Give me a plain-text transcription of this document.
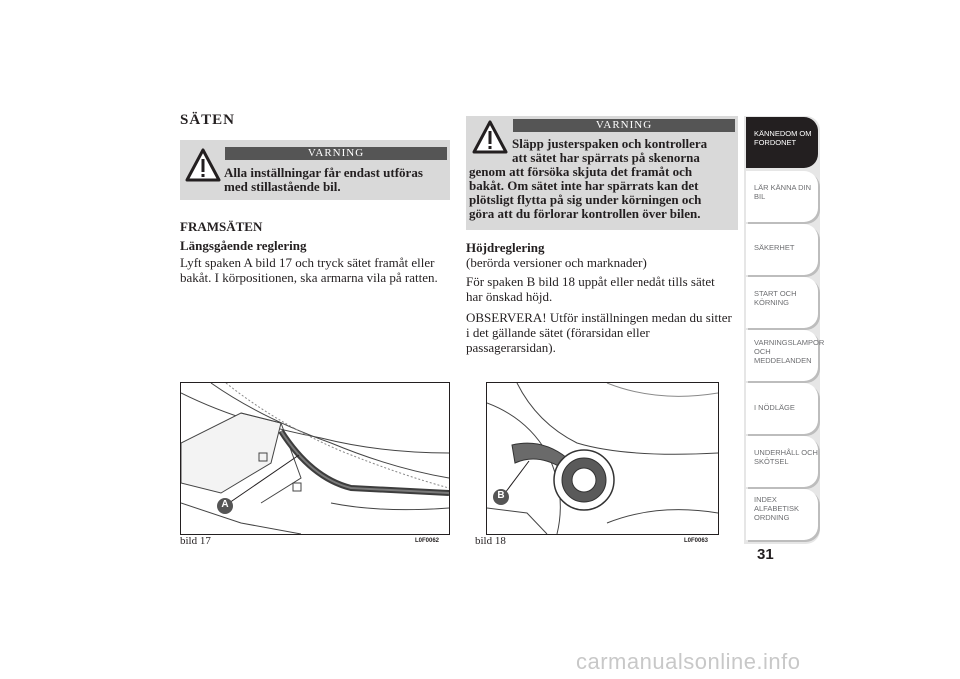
SÄTEN
VARNING
Alla inställningar får endast utföras
med stillastående bil.
FRAMSÄTEN
Längsgående reglering
Lyft spaken A bild 17 och tryck sätet framåt eller
bakåt. I körpositionen, ska armarna vila på ratten.
VARNING
Släpp justerspaken och kontrollera
att sätet har spärrats på skenorna
genom att försöka skjuta det framåt och
bakåt. Om sätet inte har spärrats kan det
plötsligt flytta på sig under körningen och
göra att du förlorar kontrollen över bilen.
Höjdreglering
(berörda versioner och marknader)
För spaken B bild 18 uppåt eller nedåt tills sätet
har önskad höjd.
OBSERVERA! Utför inställningen medan du sitter
i det gällande sätet (förarsidan eller
passagerarsidan).
A
bild 17	L0F0062
B
bild 18	L0F0063
KÄNNEDOM OM
FORDONET
LÄR KÄNNA DIN
BIL
SÄKERHET
START OCH
KÖRNING
VARNINGSLAMPOR
OCH
MEDDELANDEN
I NÖDLÄGE
UNDERHÅLL OCH
SKÖTSEL
INDEX
ALFABETISK
ORDNING
31
carmanualsonline.info
